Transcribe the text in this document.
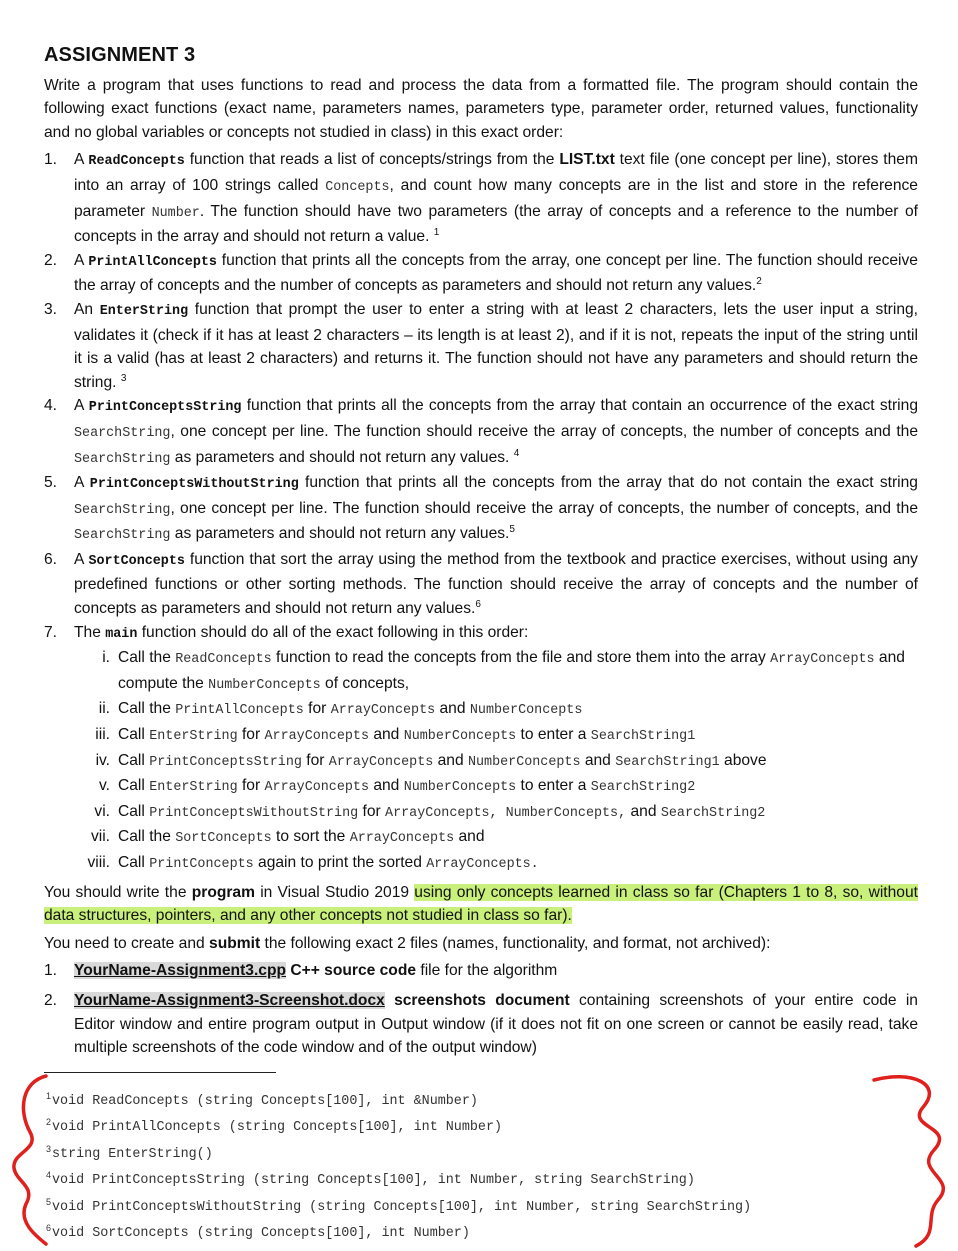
ASSIGNMENT 3

Write a program that uses functions to read and process the data from a formatted file. The program should contain the following exact functions (exact name, parameters names, parameters type, parameter order, returned values, functionality and no global variables or concepts not studied in class) in this exact order:

1.	A ReadConcepts function that reads a list of concepts/strings from the LIST.txt text file (one concept per line), stores them into an array of 100 strings called Concepts, and count how many concepts are in the list and store in the reference parameter Number. The function should have two parameters (the array of concepts and a reference to the number of concepts in the array and should not return a value. $^1$
2.	A PrintAllConcepts function that prints all the concepts from the array, one concept per line. The function should receive the array of concepts and the number of concepts as parameters and should not return any values.$^2$
3.	An EnterString function that prompt the user to enter a string with at least 2 characters, lets the user input a string, validates it (check if it has at least 2 characters – its length is at least 2), and if it is not, repeats the input of the string until it is a valid (has at least 2 characters) and returns it. The function should not have any parameters and should return the string. $^3$
4.	A PrintConceptsString function that prints all the concepts from the array that contain an occurrence of the exact string SearchString, one concept per line. The function should receive the array of concepts, the number of concepts and the SearchString as parameters and should not return any values. $^4$
5.	A PrintConceptsWithoutString function that prints all the concepts from the array that do not contain the exact string SearchString, one concept per line. The function should receive the array of concepts, the number of concepts, and the SearchString as parameters and should not return any values.$^5$
6.	A SortConcepts function that sort the array using the method from the textbook and practice exercises, without using any predefined functions or other sorting methods. The function should receive the array of concepts and the number of concepts as parameters and should not return any values.$^6$
7.	The main function should do all of the exact following in this order:
i. Call the ReadConcepts function to read the concepts from the file and store them into the array ArrayConcepts and compute the NumberConcepts of concepts,
ii. Call the PrintAllConcepts for ArrayConcepts and NumberConcepts
iii. Call EnterString for ArrayConcepts and NumberConcepts to enter a SearchString1
iv. Call PrintConceptsString for ArrayConcepts and NumberConcepts and SearchString1 above
v. Call EnterString for ArrayConcepts and NumberConcepts to enter a SearchString2
vi. Call PrintConceptsWithoutString for ArrayConcepts, NumberConcepts, and SearchString2
vii. Call the SortConcepts to sort the ArrayConcepts and
viii. Call PrintConcepts again to print the sorted ArrayConcepts.

You should write the program in Visual Studio 2019 using only concepts learned in class so far (Chapters 1 to 8, so, without data structures, pointers, and any other concepts not studied in class so far).

You need to create and submit the following exact 2 files (names, functionality, and format, not archived):

1.	YourName-Assignment3.cpp C++ source code file for the algorithm
2.	YourName-Assignment3-Screenshot.docx screenshots document containing screenshots of your entire code in Editor window and entire program output in Output window (if it does not fit on one screen or cannot be easily read, take multiple screenshots of the code window and of the output window)
$^1$void ReadConcepts (string Concepts[100], int &Number)
$^2$void PrintAllConcepts (string Concepts[100], int Number)
$^3$string EnterString()
$^4$void PrintConceptsString (string Concepts[100], int Number, string SearchString)
$^5$void PrintConceptsWithoutString (string Concepts[100], int Number, string SearchString)
$^6$void SortConcepts (string Concepts[100], int Number)
